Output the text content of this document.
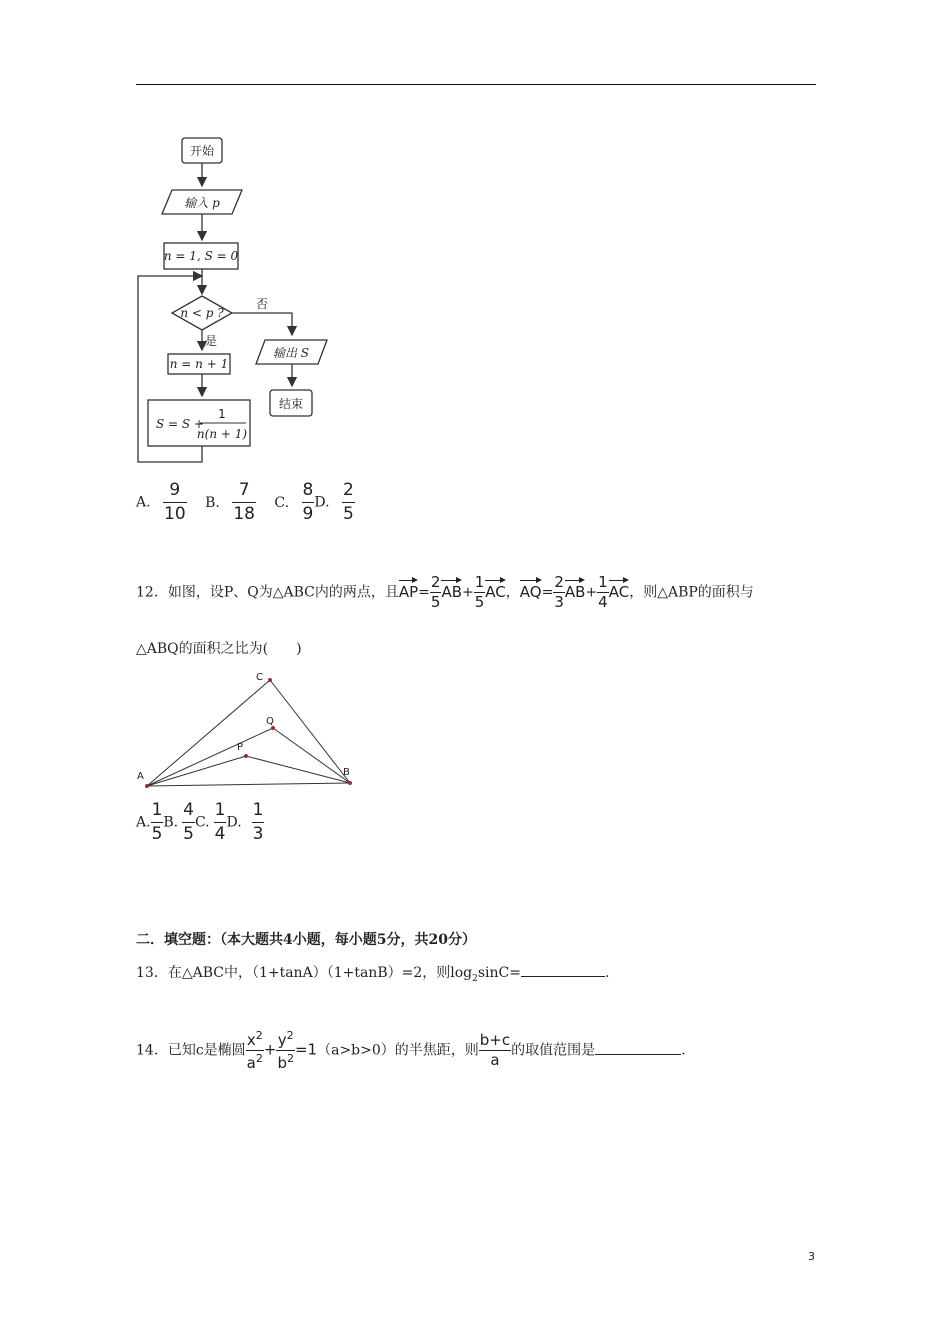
开始
输入 p
n = 1, S = 0
n < p ?
否
是
n = n + 1
S = S +
1
n(n + 1)
输出 S
结束
A. $\frac{9}{10} B$. $\frac{7}{18} C$. $\frac{8}{9} D$. $\frac{2}{5}$
12．如图，设P、Q为△ABC内的两点，且$AP= \frac{2}{5} AB+ \frac{1}{5}$ AC，$AQ= \frac{2}{3} AB+ \frac{1}{4}$ AC，则△ABP的面积与
△ABQ的面积之比为(　　)
A	B
C
P
Q
A. $\frac{1}{5} B$. $\frac{4}{5} C$. $\frac{1}{4} D$. $\frac{1}{3}$
二．填空题：（本大题共4小题，每小题5分，共20分）
13．在△ABC中，（1+tanA）（1+tanB）=2，则$\log_2\sin C=$	.
14．已知c是椭圆 $\frac{x^2}{a^2} + \frac{y^2}{b^2} =1(a>b>0)$的半焦距，则 $\frac{b+c}{a}$ 的取值范围是	.
3
